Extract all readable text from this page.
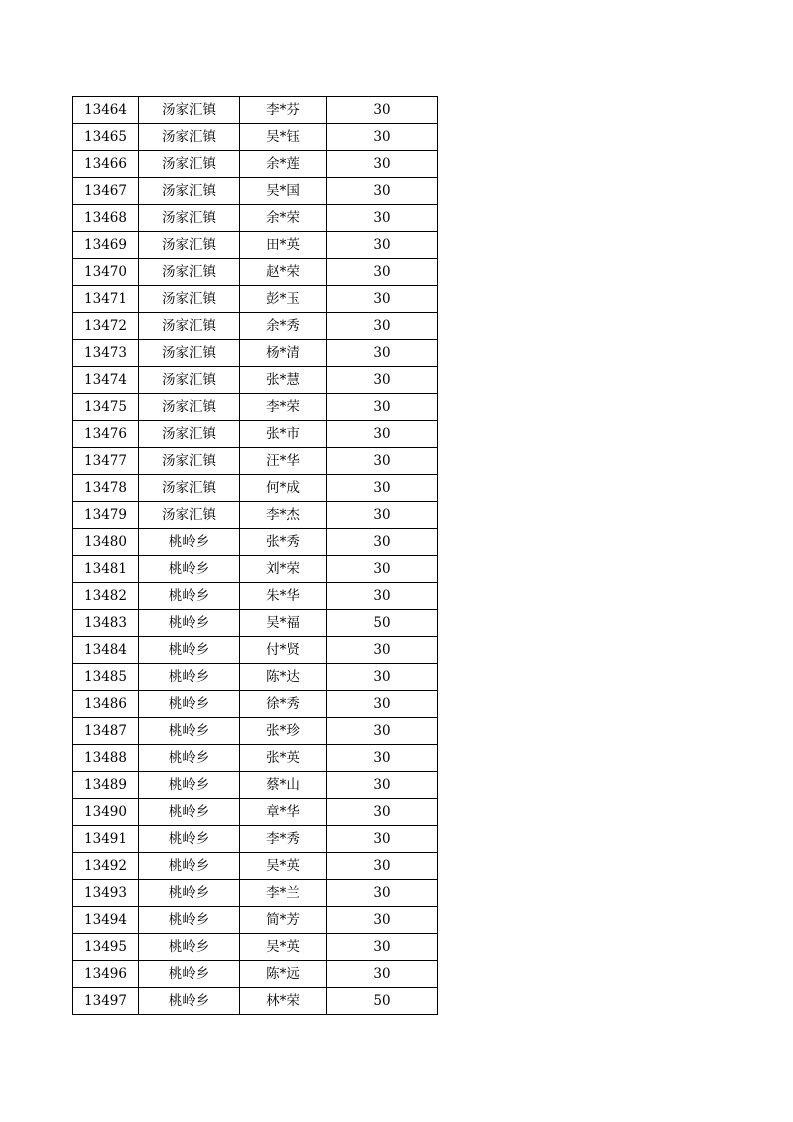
13464	汤家汇镇	李*芬	30
13465	汤家汇镇	吴*钰	30
13466	汤家汇镇	余*莲	30
13467	汤家汇镇	吴*国	30
13468	汤家汇镇	余*荣	30
13469	汤家汇镇	田*英	30
13470	汤家汇镇	赵*荣	30
13471	汤家汇镇	彭*玉	30
13472	汤家汇镇	余*秀	30
13473	汤家汇镇	杨*清	30
13474	汤家汇镇	张*慧	30
13475	汤家汇镇	李*荣	30
13476	汤家汇镇	张*市	30
13477	汤家汇镇	汪*华	30
13478	汤家汇镇	何*成	30
13479	汤家汇镇	李*杰	30
13480	桃岭乡	张*秀	30
13481	桃岭乡	刘*荣	30
13482	桃岭乡	朱*华	30
13483	桃岭乡	吴*福	50
13484	桃岭乡	付*贤	30
13485	桃岭乡	陈*达	30
13486	桃岭乡	徐*秀	30
13487	桃岭乡	张*珍	30
13488	桃岭乡	张*英	30
13489	桃岭乡	蔡*山	30
13490	桃岭乡	章*华	30
13491	桃岭乡	李*秀	30
13492	桃岭乡	吴*英	30
13493	桃岭乡	李*兰	30
13494	桃岭乡	简*芳	30
13495	桃岭乡	吴*英	30
13496	桃岭乡	陈*远	30
13497	桃岭乡	林*荣	50
